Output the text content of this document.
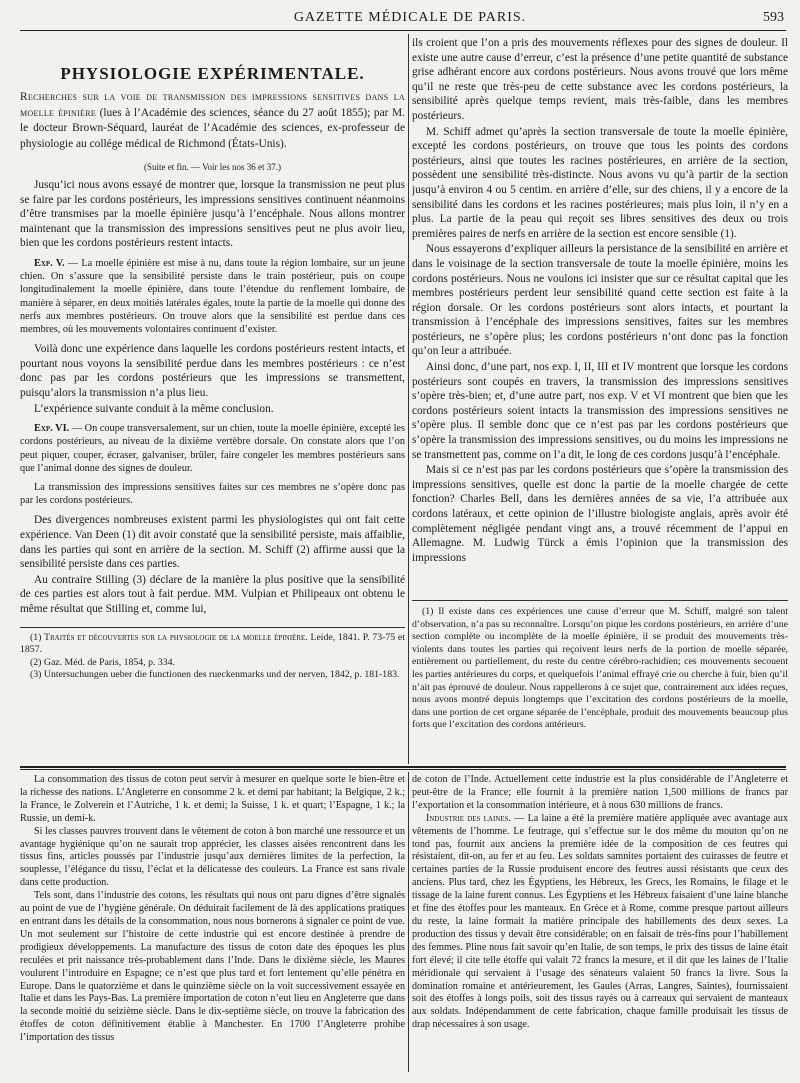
GAZETTE MÉDICALE DE PARIS.	593
PHYSIOLOGIE EXPÉRIMENTALE.

Recherches sur la voie de transmission des impressions sensitives dans la moelle épinière (lues à l’Académie des sciences, séance du 27 août 1855); par M. le docteur Brown-Séquard, lauréat de l’Académie des sciences, ex-professeur de physiologie au collége médical de Richmond (États-Unis).

(Suite et fin. — Voir les nos 36 et 37.)

Jusqu’ici nous avons essayé de montrer que, lorsque la transmission ne peut plus se faire par les cordons postérieurs, les impressions sensitives continuent néanmoins d’être transmises par la moelle épinière jusqu’à l’encéphale. Nous allons montrer maintenant que la transmission des impressions sensitives peut ne plus avoir lieu, bien que les cordons postérieurs restent intacts.

Exp. V. — La moelle épinière est mise à nu, dans toute la région lombaire, sur un jeune chien. On s’assure que la sensibilité persiste dans le train postérieur, puis on coupe longitudinalement la moelle épinière, dans toute l’étendue du renflement lombaire, de manière à séparer, en deux moitiés latérales égales, toute la partie de la moelle qui donne des nerfs aux membres postérieurs. On trouve alors que la sensibilité est perdue dans ces membres, où les mouvements volontaires continuent d’exister.

Voilà donc une expérience dans laquelle les cordons postérieurs restent intacts, et pourtant nous voyons la sensibilité perdue dans les membres postérieurs : ce n’est donc pas par les cordons postérieurs que les impressions se transmettent, puisqu’alors la transmission n’a plus lieu.

L’expérience suivante conduit à la même conclusion.

Exp. VI. — On coupe transversalement, sur un chien, toute la moelle épinière, excepté les cordons postérieurs, au niveau de la dixième vertèbre dorsale. On constate alors que l’on peut piquer, couper, écraser, galvaniser, brûler, faire congeler les membres postérieurs sans que l’animal donne des signes de douleur.

La transmission des impressions sensitives faites sur ces membres ne s’opère donc pas par les cordons postérieurs.

Des divergences nombreuses existent parmi les physiologistes qui ont fait cette expérience. Van Deen (1) dit avoir constaté que la sensibilité persiste, mais affaiblie, dans les parties qui sont en arrière de la section. M. Schiff (2) affirme aussi que la sensibilité persiste dans ces parties.

Au contraire Stilling (3) déclare de la manière la plus positive que la sensibilité de ces parties est alors tout à fait perdue. MM. Vulpian et Philipeaux ont obtenu le même résultat que Stilling et, comme lui,

(1) Traités et découvertes sur la physiologie de la moelle épinière. Leide, 1841. P. 73-75 et 1857.

(2) Gaz. Méd. de Paris, 1854, p. 334.

(3) Untersuchungen ueber die functionen des rueckenmarks und der nerven, 1842, p. 181-183.

ils croient que l’on a pris des mouvements réflexes pour des signes de douleur. Il existe une autre cause d’erreur, c’est la présence d’une petite quantité de substance grise adhérant encore aux cordons postérieurs. Nous avons trouvé que lors même qu’il ne reste que très-peu de cette substance avec les cordons postérieurs, la sensibilité après quelque temps revient, mais très-faible, dans les membres postérieurs.

M. Schiff admet qu’après la section transversale de toute la moelle épinière, excepté les cordons postérieurs, on trouve que tous les points des cordons postérieurs, ainsi que toutes les racines postérieures, en arrière de la section, possèdent une sensibilité très-distincte. Nous avons vu qu’à partir de la section jusqu’à environ 4 ou 5 centim. en arrière d’elle, sur des chiens, il y a encore de la sensibilité dans les cordons et les racines postérieures; mais plus loin, il n’y en a plus. La partie de la peau qui reçoit ses libres sensitives des deux ou trois premières paires de nerfs en arrière de la section est encore sensible (1).

Nous essayerons d’expliquer ailleurs la persistance de la sensibilité en arrière et dans le voisinage de la section transversale de toute la moelle épinière, moins les cordons postérieurs. Nous ne voulons ici insister que sur ce résultat capital que les membres postérieurs perdent leur sensibilité quand cette section est faite à la région dorsale. Or les cordons postérieurs sont alors intacts, et pourtant la transmission à l’encéphale des impressions sensitives, faites sur les membres postérieurs, ne s’opère plus; les cordons postérieurs n’ont donc pas la fonction qu’on leur a attribuée.

Ainsi donc, d’une part, nos exp. I, II, III et IV montrent que lorsque les cordons postérieurs sont coupés en travers, la transmission des impressions sensitives s’opère très-bien; et, d’une autre part, nos exp. V et VI montrent que bien que les cordons postérieurs soient intacts la transmission des impressions sensitives ne s’opère plus. Il semble donc que ce n’est pas par les cordons postérieurs que s’opère la transmission des impressions sensitives, ou du moins les impressions ne se transmettent pas, comme on l’a dit, le long de ces cordons jusqu’à l’encéphale.

Mais si ce n’est pas par les cordons postérieurs que s’opère la transmission des impressions sensitives, quelle est donc la partie de la moelle chargée de cette fonction? Charles Bell, dans les dernières années de sa vie, l’a attribuée aux cordons latéraux, et cette opinion de l’illustre biologiste anglais, après avoir été complètement négligée pendant vingt ans, a trouvé récemment de l’appui en Allemagne. M. Ludwig Türck a émis l’opinion que la transmission des impressions

(1) Il existe dans ces expériences une cause d’erreur que M. Schiff, malgré son talent d’observation, n’a pas su reconnaître. Lorsqu’on pique les cordons postérieurs, en arrière d’une section complète ou incomplète de la moelle épinière, il se produit des mouvements très-violents dans toutes les parties qui reçoivent leurs nerfs de la portion de moelle séparée, entièrement ou partiellement, du reste du centre cérébro-rachidien; ces mouvements secouent les parties antérieures du corps, et quelquefois l’animal effrayé crie ou cherche à fuir, bien qu’il n’ait pas éprouvé de douleur. Nous rappellerons à ce sujet que, contrairement aux idées reçues, nous avons montré depuis longtemps que l’excitation des cordons postérieurs de la moelle, dans une portion de cet organe séparée de l’encéphale, produit des mouvements beaucoup plus forts que l’excitation des cordons antérieurs.

La consommation des tissus de coton peut servir à mesurer en quelque sorte le bien-être et la richesse des nations. L’Angleterre en consomme 2 k. et demi par habitant; la Belgique, 2 k.; la France, le Zolverein et l’Autriche, 1 k. et demi; la Suisse, 1 k. et quart; l’Espagne, 1 k.; la Russie, un demi-k.

Si les classes pauvres trouvent dans le vêtement de coton à bon marché une ressource et un avantage hygiénique qu’on ne saurait trop apprécier, les classes aisées rencontrent dans les tissus fins, articles poussés par l’industrie jusqu’aux dernières limites de la perfection, la souplesse, l’élégance du tissu, l’éclat et la délicatesse des couleurs. La France est sans rivale dans cette production.

Tels sont, dans l’industrie des cotons, les résultats qui nous ont paru dignes d’être signalés au point de vue de l’hygiène générale. On déduirait facilement de là des applications pratiques en entrant dans les détails de la consommation, nous nous bornerons à signaler ce point de vue. Un mot seulement sur l’histoire de cette industrie qui est encore destinée à prendre de prodigieux développements. La manufacture des tissus de coton date des époques les plus reculées et prit naissance très-probablement dans l’Inde. Dans le dixième siècle, les Maures voulurent l’introduire en Espagne; ce n’est que plus tard et fort lentement qu’elle pénétra en Europe. Dans le quatorzième et dans le quinzième siècle on la voit successivement essayée en Italie et dans les Pays-Bas. La première importation de coton n’eut lieu en Angleterre que dans la seconde moitié du seizième siècle. Dans le dix-septième siècle, on trouve la fabrication des étoffes de coton définitivement établie à Manchester. En 1700 l’Angleterre prohibe l’importation des tissus

de coton de l’Inde. Actuellement cette industrie est la plus considérable de l’Angleterre et peut-être de la France; elle fournit à la première nation 1,500 millions de francs par l’exportation et la consommation intérieure, et à nous 630 millions de francs.

Industrie des laines. — La laine a été la première matière appliquée avec avantage aux vêtements de l’homme. Le feutrage, qui s’effectue sur le dos même du mouton qu’on ne tond pas, fournit aux anciens la première idée de la composition de ces feutres qui résistaient, dit-on, au fer et au feu. Les soldats samnites portaient des cuirasses de feutre et certaines parties de la Russie produisent encore des feutres aussi résistants que ceux des anciens. Plus tard, chez les Égyptiens, les Hébreux, les Grecs, les Romains, le filage et le tissage de la laine furent connus. Les Égyptiens et les Hébreux faisaient d’une laine blanche et fine des étoffes pour les manteaux. En Grèce et à Rome, comme presque partout ailleurs du reste, la laine formait la matière principale des habillements des deux sexes. La production des tissus y devait être considérable; on en faisait de très-fins pour l’habillement des femmes. Pline nous fait savoir qu’en Italie, de son temps, le prix des tissus de laine était fort élevé; il cite telle étoffe qui valait 72 francs la mesure, et il dit que les laines de l’Italie méridionale qui servaient à l’usage des sénateurs valaient 50 francs la livre. Sous la domination romaine et antérieurement, les Gaules (Arras, Langres, Saintes), fournissaient soit des étoffes à longs poils, soit des tissus rayés ou à carreaux qui servaient de manteaux aux soldats. Indépendamment de cette fabrication, chaque famille produisait les tissus de drap nécessaires à son usage.
